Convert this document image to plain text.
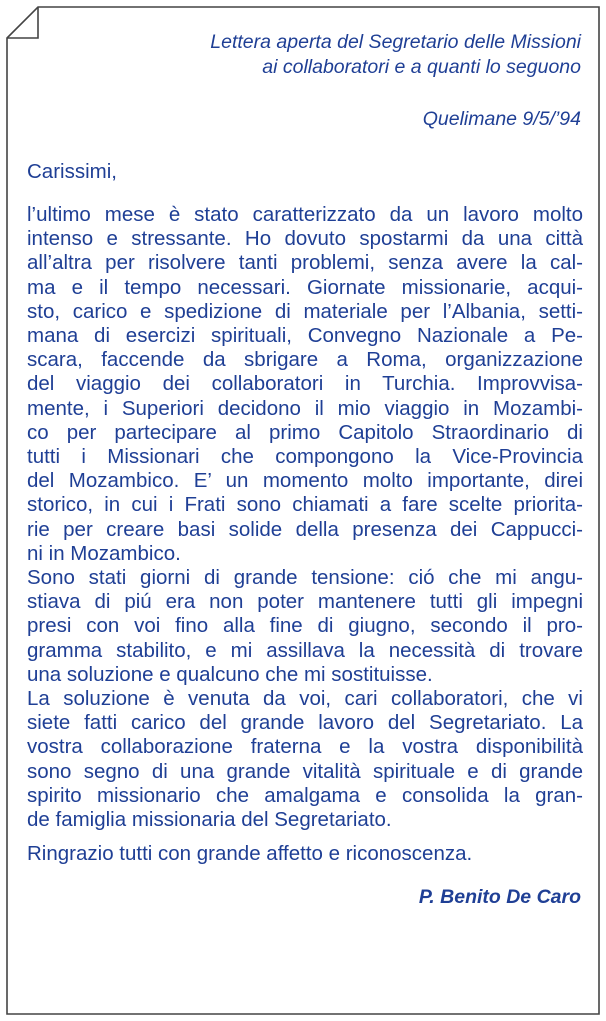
Lettera aperta del Segretario delle Missioni
ai collaboratori e a quanti lo seguono
Quelimane 9/5/’94
Carissimi,
l’ultimo mese è stato caratterizzato da un lavoro molto
intenso e stressante. Ho dovuto spostarmi da una città
all’altra per risolvere tanti problemi, senza avere la cal-
ma e il tempo necessari. Giornate missionarie, acqui-
sto, carico e spedizione di materiale per l’Albania, setti-
mana di esercizi spirituali, Convegno Nazionale a Pe-
scara, faccende da sbrigare a Roma, organizzazione
del viaggio dei collaboratori in Turchia. Improvvisa-
mente, i Superiori decidono il mio viaggio in Mozambi-
co per partecipare al primo Capitolo Straordinario di
tutti i Missionari che compongono la Vice-Provincia
del Mozambico. E’ un momento molto importante, direi
storico, in cui i Frati sono chiamati a fare scelte priorita-
rie per creare basi solide della presenza dei Cappucci-
ni in Mozambico.
Sono stati giorni di grande tensione: ció che mi angu-
stiava di piú era non poter mantenere tutti gli impegni
presi con voi fino alla fine di giugno, secondo il pro-
gramma stabilito, e mi assillava la necessità di trovare
una soluzione e qualcuno che mi sostituisse.
La soluzione è venuta da voi, cari collaboratori, che vi
siete fatti carico del grande lavoro del Segretariato. La
vostra collaborazione fraterna e la vostra disponibilità
sono segno di una grande vitalità spirituale e di grande
spirito missionario che amalgama e consolida la gran-
de famiglia missionaria del Segretariato.
Ringrazio tutti con grande affetto e riconoscenza.
P. Benito De Caro
